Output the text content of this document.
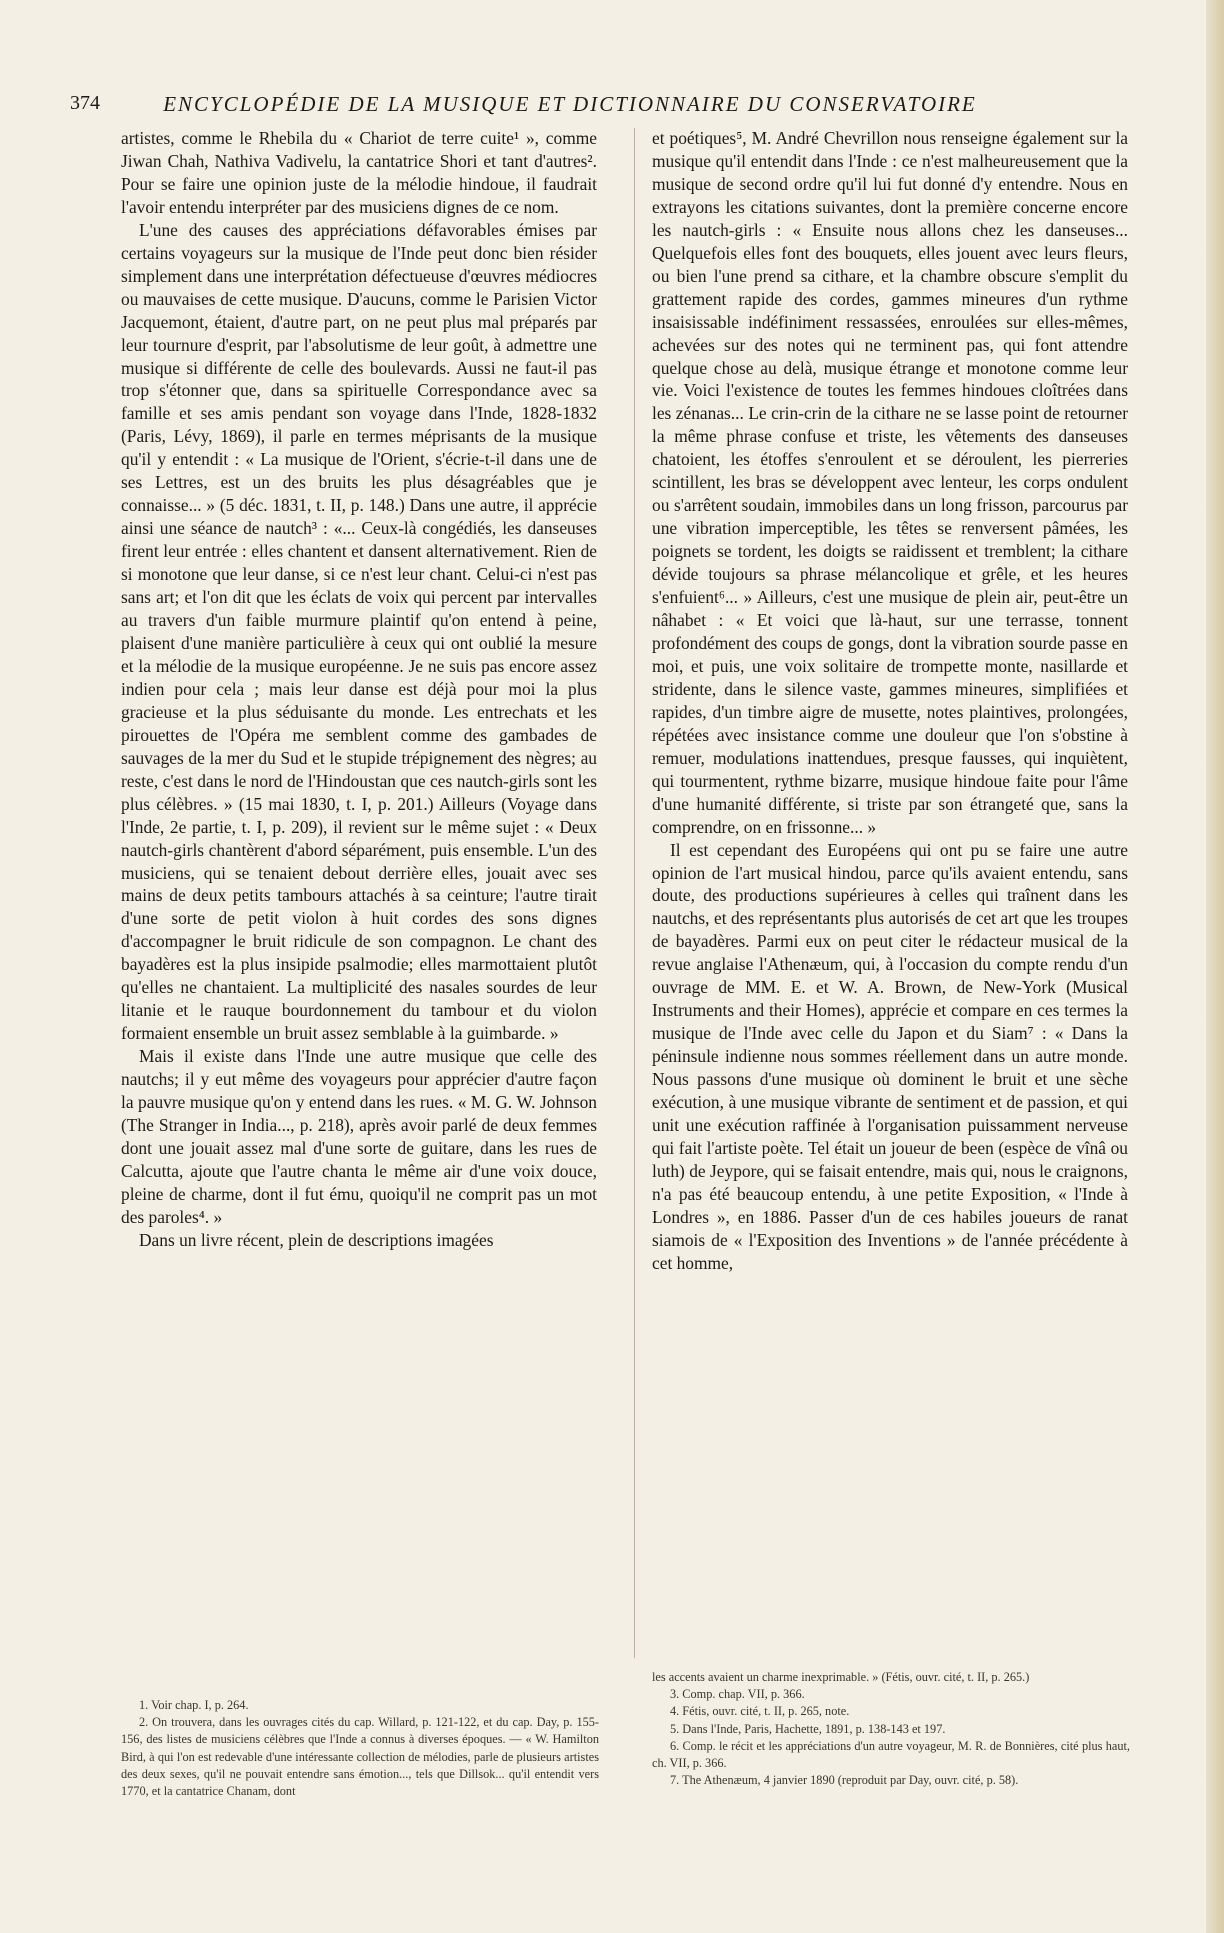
374	ENCYCLOPÉDIE DE LA MUSIQUE ET DICTIONNAIRE DU CONSERVATOIRE

artistes, comme le Rhebila du « Chariot de terre cuite¹ », comme Jiwan Chah, Nathiva Vadivelu, la cantatrice Shori et tant d'autres². Pour se faire une opinion juste de la mélodie hindoue, il faudrait l'avoir entendu interpréter par des musiciens dignes de ce nom.

L'une des causes des appréciations défavorables émises par certains voyageurs sur la musique de l'Inde peut donc bien résider simplement dans une interprétation défectueuse d'œuvres médiocres ou mauvaises de cette musique. D'aucuns, comme le Parisien Victor Jacquemont, étaient, d'autre part, on ne peut plus mal préparés par leur tournure d'esprit, par l'absolutisme de leur goût, à admettre une musique si différente de celle des boulevards. Aussi ne faut-il pas trop s'étonner que, dans sa spirituelle Correspondance avec sa famille et ses amis pendant son voyage dans l'Inde, 1828-1832 (Paris, Lévy, 1869), il parle en termes méprisants de la musique qu'il y entendit : « La musique de l'Orient, s'écrie-t-il dans une de ses Lettres, est un des bruits les plus désagréables que je connaisse... » (5 déc. 1831, t. II, p. 148.) Dans une autre, il apprécie ainsi une séance de nautch³ : «... Ceux-là congédiés, les danseuses firent leur entrée : elles chantent et dansent alternativement. Rien de si monotone que leur danse, si ce n'est leur chant. Celui-ci n'est pas sans art; et l'on dit que les éclats de voix qui percent par intervalles au travers d'un faible murmure plaintif qu'on entend à peine, plaisent d'une manière particulière à ceux qui ont oublié la mesure et la mélodie de la musique européenne. Je ne suis pas encore assez indien pour cela ; mais leur danse est déjà pour moi la plus gracieuse et la plus séduisante du monde. Les entrechats et les pirouettes de l'Opéra me semblent comme des gambades de sauvages de la mer du Sud et le stupide trépignement des nègres; au reste, c'est dans le nord de l'Hindoustan que ces nautch-girls sont les plus célèbres. » (15 mai 1830, t. I, p. 201.) Ailleurs (Voyage dans l'Inde, 2e partie, t. I, p. 209), il revient sur le même sujet : « Deux nautch-girls chantèrent d'abord séparément, puis ensemble. L'un des musiciens, qui se tenaient debout derrière elles, jouait avec ses mains de deux petits tambours attachés à sa ceinture; l'autre tirait d'une sorte de petit violon à huit cordes des sons dignes d'accompagner le bruit ridicule de son compagnon. Le chant des bayadères est la plus insipide psalmodie; elles marmottaient plutôt qu'elles ne chantaient. La multiplicité des nasales sourdes de leur litanie et le rauque bourdonnement du tambour et du violon formaient ensemble un bruit assez semblable à la guimbarde. »

Mais il existe dans l'Inde une autre musique que celle des nautchs; il y eut même des voyageurs pour apprécier d'autre façon la pauvre musique qu'on y entend dans les rues. « M. G. W. Johnson (The Stranger in India..., p. 218), après avoir parlé de deux femmes dont une jouait assez mal d'une sorte de guitare, dans les rues de Calcutta, ajoute que l'autre chanta le même air d'une voix douce, pleine de charme, dont il fut ému, quoiqu'il ne comprit pas un mot des paroles⁴. »

Dans un livre récent, plein de descriptions imagées

et poétiques⁵, M. André Chevrillon nous renseigne également sur la musique qu'il entendit dans l'Inde : ce n'est malheureusement que la musique de second ordre qu'il lui fut donné d'y entendre. Nous en extrayons les citations suivantes, dont la première concerne encore les nautch-girls : « Ensuite nous allons chez les danseuses... Quelquefois elles font des bouquets, elles jouent avec leurs fleurs, ou bien l'une prend sa cithare, et la chambre obscure s'emplit du grattement rapide des cordes, gammes mineures d'un rythme insaisissable indéfiniment ressassées, enroulées sur elles-mêmes, achevées sur des notes qui ne terminent pas, qui font attendre quelque chose au delà, musique étrange et monotone comme leur vie. Voici l'existence de toutes les femmes hindoues cloîtrées dans les zénanas... Le crin-crin de la cithare ne se lasse point de retourner la même phrase confuse et triste, les vêtements des danseuses chatoient, les étoffes s'enroulent et se déroulent, les pierreries scintillent, les bras se développent avec lenteur, les corps ondulent ou s'arrêtent soudain, immobiles dans un long frisson, parcourus par une vibration imperceptible, les têtes se renversent pâmées, les poignets se tordent, les doigts se raidissent et tremblent; la cithare dévide toujours sa phrase mélancolique et grêle, et les heures s'enfuient⁶... » Ailleurs, c'est une musique de plein air, peut-être un nâhabet : « Et voici que là-haut, sur une terrasse, tonnent profondément des coups de gongs, dont la vibration sourde passe en moi, et puis, une voix solitaire de trompette monte, nasillarde et stridente, dans le silence vaste, gammes mineures, simplifiées et rapides, d'un timbre aigre de musette, notes plaintives, prolongées, répétées avec insistance comme une douleur que l'on s'obstine à remuer, modulations inattendues, presque fausses, qui inquiètent, qui tourmentent, rythme bizarre, musique hindoue faite pour l'âme d'une humanité différente, si triste par son étrangeté que, sans la comprendre, on en frissonne... »

Il est cependant des Européens qui ont pu se faire une autre opinion de l'art musical hindou, parce qu'ils avaient entendu, sans doute, des productions supérieures à celles qui traînent dans les nautchs, et des représentants plus autorisés de cet art que les troupes de bayadères. Parmi eux on peut citer le rédacteur musical de la revue anglaise l'Athenæum, qui, à l'occasion du compte rendu d'un ouvrage de MM. E. et W. A. Brown, de New-York (Musical Instruments and their Homes), apprécie et compare en ces termes la musique de l'Inde avec celle du Japon et du Siam⁷ : « Dans la péninsule indienne nous sommes réellement dans un autre monde. Nous passons d'une musique où dominent le bruit et une sèche exécution, à une musique vibrante de sentiment et de passion, et qui unit une exécution raffinée à l'organisation puissamment nerveuse qui fait l'artiste poète. Tel était un joueur de been (espèce de vînâ ou luth) de Jeypore, qui se faisait entendre, mais qui, nous le craignons, n'a pas été beaucoup entendu, à une petite Exposition, « l'Inde à Londres », en 1886. Passer d'un de ces habiles joueurs de ranat siamois de « l'Exposition des Inventions » de l'année précédente à cet homme,

1. Voir chap. I, p. 264.

2. On trouvera, dans les ouvrages cités du cap. Willard, p. 121-122, et du cap. Day, p. 155-156, des listes de musiciens célèbres que l'Inde a connus à diverses époques. — « W. Hamilton Bird, à qui l'on est redevable d'une intéressante collection de mélodies, parle de plusieurs artistes des deux sexes, qu'il ne pouvait entendre sans émotion..., tels que Dillsok... qu'il entendit vers 1770, et la cantatrice Chanam, dont

les accents avaient un charme inexprimable. » (Fétis, ouvr. cité, t. II, p. 265.)

3. Comp. chap. VII, p. 366.

4. Fétis, ouvr. cité, t. II, p. 265, note.

5. Dans l'Inde, Paris, Hachette, 1891, p. 138-143 et 197.

6. Comp. le récit et les appréciations d'un autre voyageur, M. R. de Bonnières, cité plus haut, ch. VII, p. 366.

7. The Athenæum, 4 janvier 1890 (reproduit par Day, ouvr. cité, p. 58).
